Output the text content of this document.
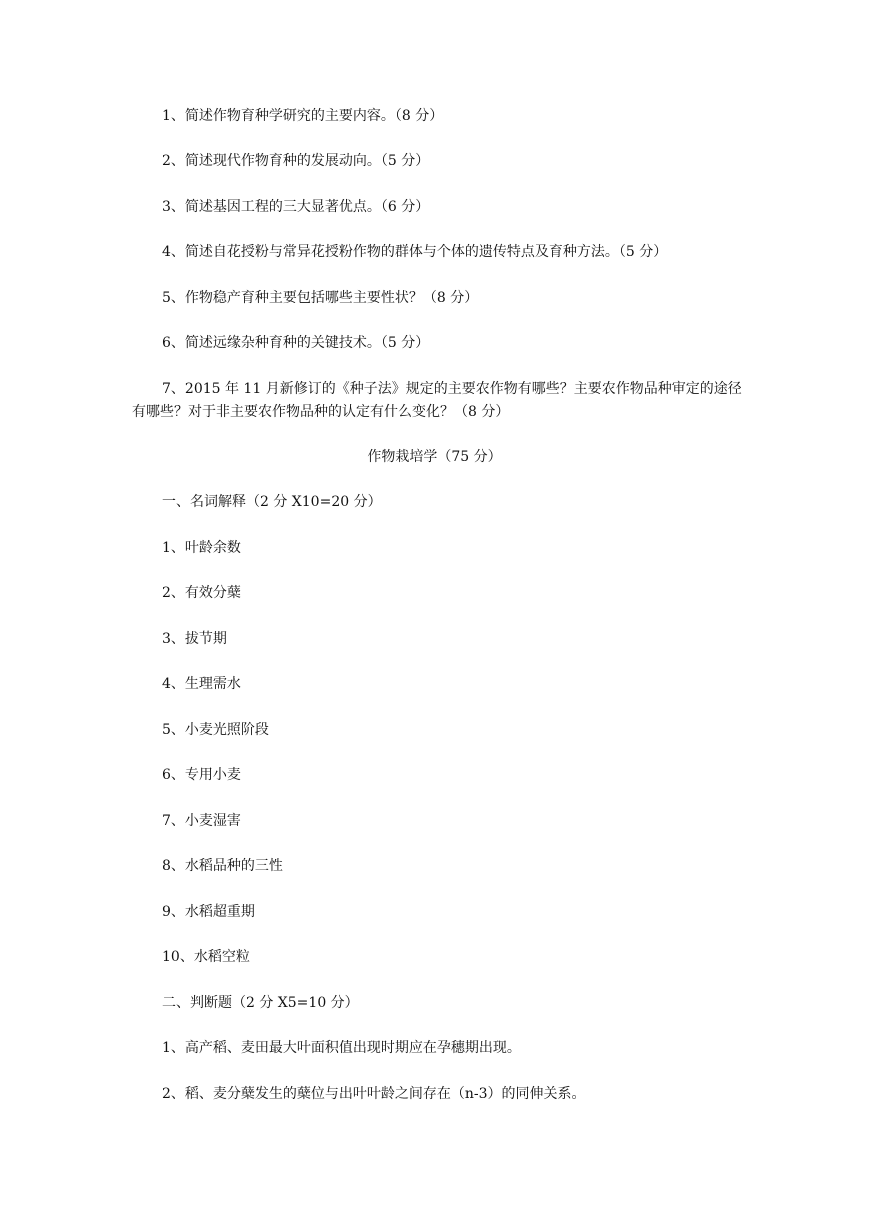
1、简述作物育种学研究的主要内容。（8 分）
2、简述现代作物育种的发展动向。（5 分）
3、简述基因工程的三大显著优点。（6 分）
4、简述自花授粉与常异花授粉作物的群体与个体的遗传特点及育种方法。（5 分）
5、作物稳产育种主要包括哪些主要性状？（8 分）
6、简述远缘杂种育种的关键技术。（5 分）
7、2015 年 11 月新修订的《种子法》规定的主要农作物有哪些？主要农作物品种审定的途径有哪些？对于非主要农作物品种的认定有什么变化？（8 分）
作物栽培学（75 分）
一、名词解释（2 分 X10=20 分）
1、叶龄余数
2、有效分蘖
3、拔节期
4、生理需水
5、小麦光照阶段
6、专用小麦
7、小麦湿害
8、水稻品种的三性
9、水稻超重期
10、水稻空粒
二、判断题（2 分 X5=10 分）
1、高产稻、麦田最大叶面积值出现时期应在孕穗期出现。
2、稻、麦分蘖发生的蘖位与出叶叶龄之间存在（n-3）的同伸关系。
